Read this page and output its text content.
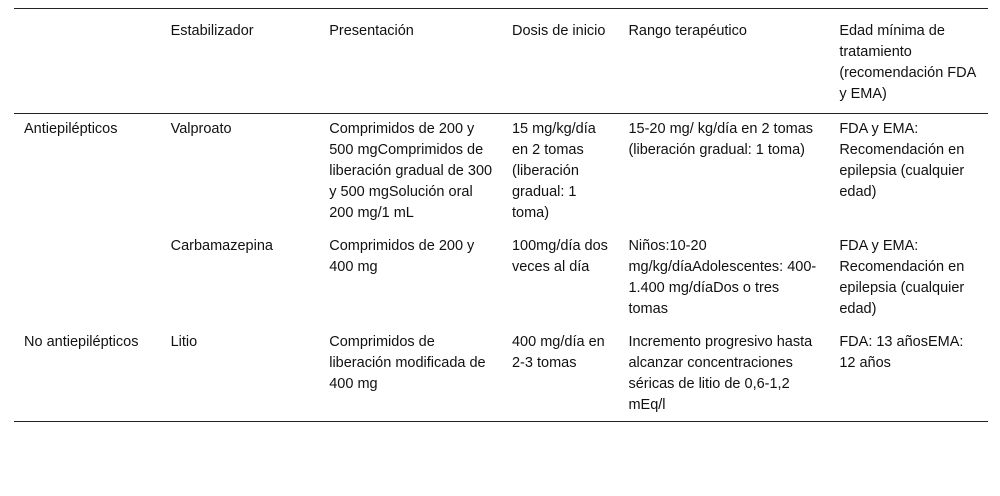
	Estabilizador	Presentación	Dosis de inicio	Rango terapéutico	Edad mínima de tratamiento (recomendación FDA y EMA)
Antiepilépticos	Valproato	Comprimidos de 200 y 500 mgComprimidos de liberación gradual de 300 y 500 mgSolución oral 200 mg/1 mL	15 mg/kg/día en 2 tomas (liberación gradual: 1 toma)	15-20 mg/ kg/día en 2 tomas (liberación gradual: 1 toma)	FDA y EMA: Recomendación en epilepsia (cualquier edad)
	Carbamazepina	Comprimidos de 200 y 400 mg	100mg/día dos veces al día	Niños:10-20 mg/kg/díaAdolescentes: 400-1.400 mg/díaDos o tres tomas	FDA y EMA: Recomendación en epilepsia (cualquier edad)
No antiepilépticos	Litio	Comprimidos de liberación modificada de 400 mg	400 mg/día en 2-3 tomas	Incremento progresivo hasta alcanzar concentraciones séricas de litio de 0,6-1,2 mEq/l	FDA: 13 añosEMA: 12 años
